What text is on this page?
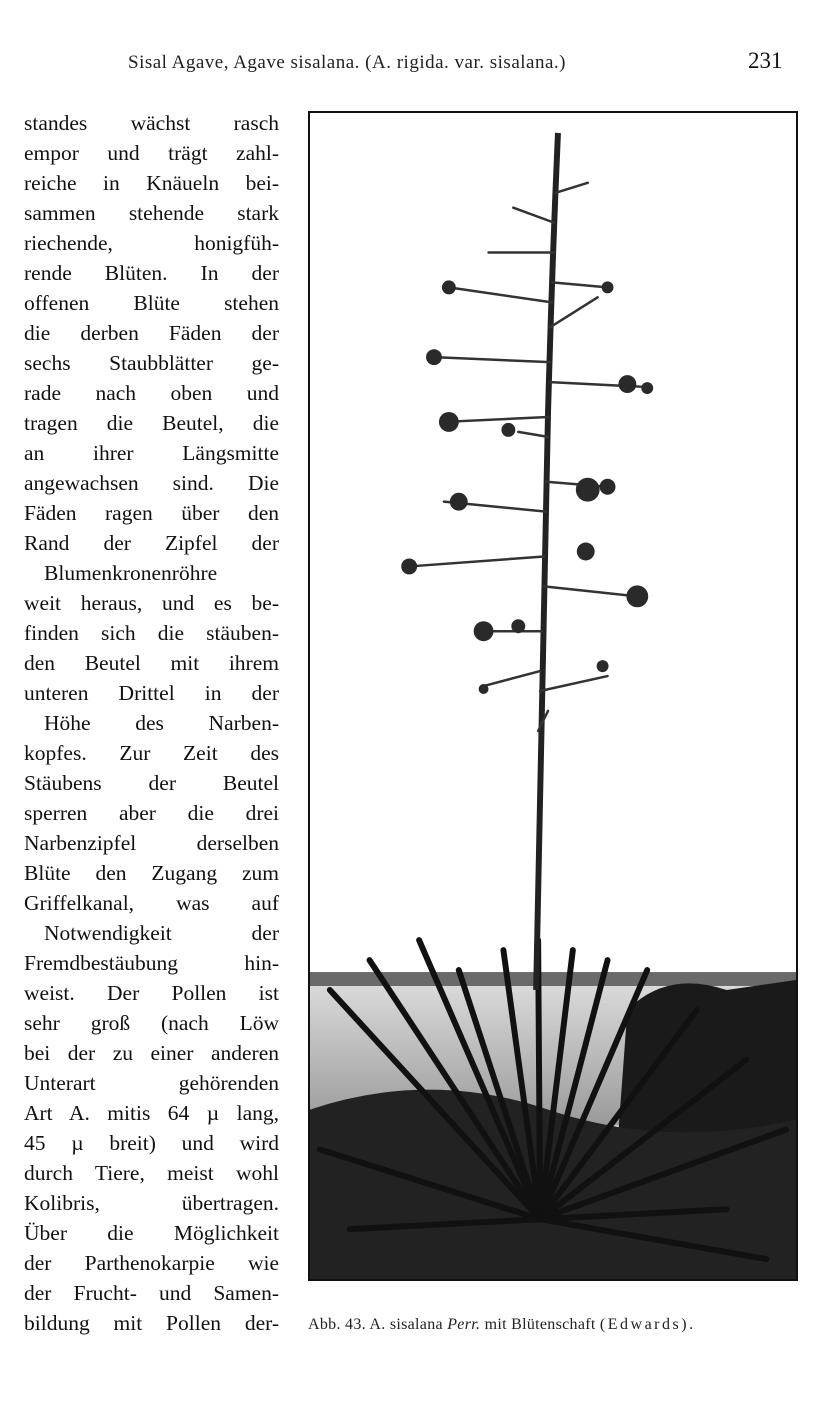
Sisal Agave, Agave sisalana. (A. rigida. var. sisalana.)	231
standes wächst rasch
empor und trägt zahl-
reiche in Knäueln bei-
sammen stehende stark
riechende, honigfüh-
rende Blüten. In der
offenen Blüte stehen
die derben Fäden der
sechs Staubblätter ge-
rade nach oben und
tragen die Beutel, die
an ihrer Längsmitte
angewachsen sind. Die
Fäden ragen über den
Rand der Zipfel der
Blumenkronenröhre
weit heraus, und es be-
finden sich die stäuben-
den Beutel mit ihrem
unteren Drittel in der
Höhe des Narben-
kopfes. Zur Zeit des
Stäubens der Beutel
sperren aber die drei
Narbenzipfel derselben
Blüte den Zugang zum
Griffelkanal, was auf
Notwendigkeit der
Fremdbestäubung hin-
weist. Der Pollen ist
sehr groß (nach Löw
bei der zu einer anderen
Unterart gehörenden
Art A. mitis 64 µ lang,
45 µ breit) und wird
durch Tiere, meist wohl
Kolibris, übertragen.
Über die Möglichkeit
der Parthenokarpie wie
der Frucht- und Samen-
bildung mit Pollen der- Abb. 43. A. sisalana Perr. mit Blütenschaft (Edwards).
